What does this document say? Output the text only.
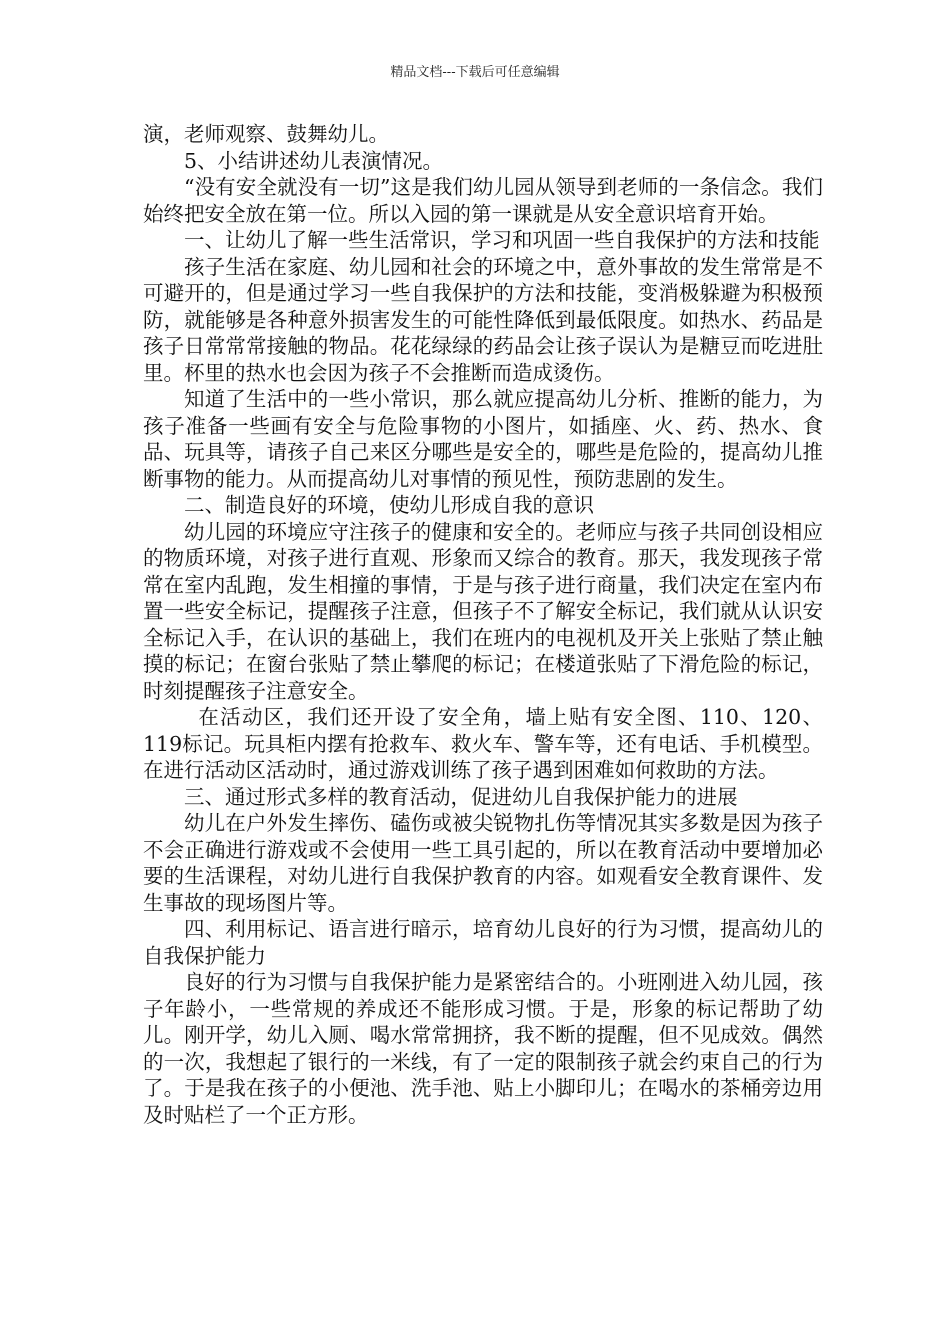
精品文档---下载后可任意编辑

演，老师观察、鼓舞幼儿。

5、小结讲述幼儿表演情况。

“没有安全就没有一切”这是我们幼儿园从领导到老师的一条信念。我们始终把安全放在第一位。所以入园的第一课就是从安全意识培育开始。

一、让幼儿了解一些生活常识，学习和巩固一些自我保护的方法和技能

孩子生活在家庭、幼儿园和社会的环境之中，意外事故的发生常常是不可避开的，但是通过学习一些自我保护的方法和技能，变消极躲避为积极预防，就能够是各种意外损害发生的可能性降低到最低限度。如热水、药品是孩子日常常常接触的物品。花花绿绿的药品会让孩子误认为是糖豆而吃进肚里。杯里的热水也会因为孩子不会推断而造成烫伤。

知道了生活中的一些小常识，那么就应提高幼儿分析、推断的能力，为孩子准备一些画有安全与危险事物的小图片，如插座、火、药、热水、食品、玩具等，请孩子自己来区分哪些是安全的，哪些是危险的，提高幼儿推断事物的能力。从而提高幼儿对事情的预见性，预防悲剧的发生。

二、制造良好的环境，使幼儿形成自我的意识

幼儿园的环境应守注孩子的健康和安全的。老师应与孩子共同创设相应的物质环境，对孩子进行直观、形象而又综合的教育。那天，我发现孩子常常在室内乱跑，发生相撞的事情，于是与孩子进行商量，我们决定在室内布置一些安全标记，提醒孩子注意，但孩子不了解安全标记，我们就从认识安全标记入手，在认识的基础上，我们在班内的电视机及开关上张贴了禁止触摸的标记；在窗台张贴了禁止攀爬的标记；在楼道张贴了下滑危险的标记，时刻提醒孩子注意安全。

在活动区，我们还开设了安全角，墙上贴有安全图、110、120、119标记。玩具柜内摆有抢救车、救火车、警车等，还有电话、手机模型。在进行活动区活动时，通过游戏训练了孩子遇到困难如何救助的方法。

三、通过形式多样的教育活动，促进幼儿自我保护能力的进展

幼儿在户外发生摔伤、磕伤或被尖锐物扎伤等情况其实多数是因为孩子不会正确进行游戏或不会使用一些工具引起的，所以在教育活动中要增加必要的生活课程，对幼儿进行自我保护教育的内容。如观看安全教育课件、发生事故的现场图片等。

四、利用标记、语言进行暗示，培育幼儿良好的行为习惯，提高幼儿的自我保护能力

良好的行为习惯与自我保护能力是紧密结合的。小班刚进入幼儿园，孩子年龄小，一些常规的养成还不能形成习惯。于是，形象的标记帮助了幼儿。刚开学，幼儿入厕、喝水常常拥挤，我不断的提醒，但不见成效。偶然的一次，我想起了银行的一米线，有了一定的限制孩子就会约束自己的行为了。于是我在孩子的小便池、洗手池、贴上小脚印儿；在喝水的茶桶旁边用及时贴栏了一个正方形。
